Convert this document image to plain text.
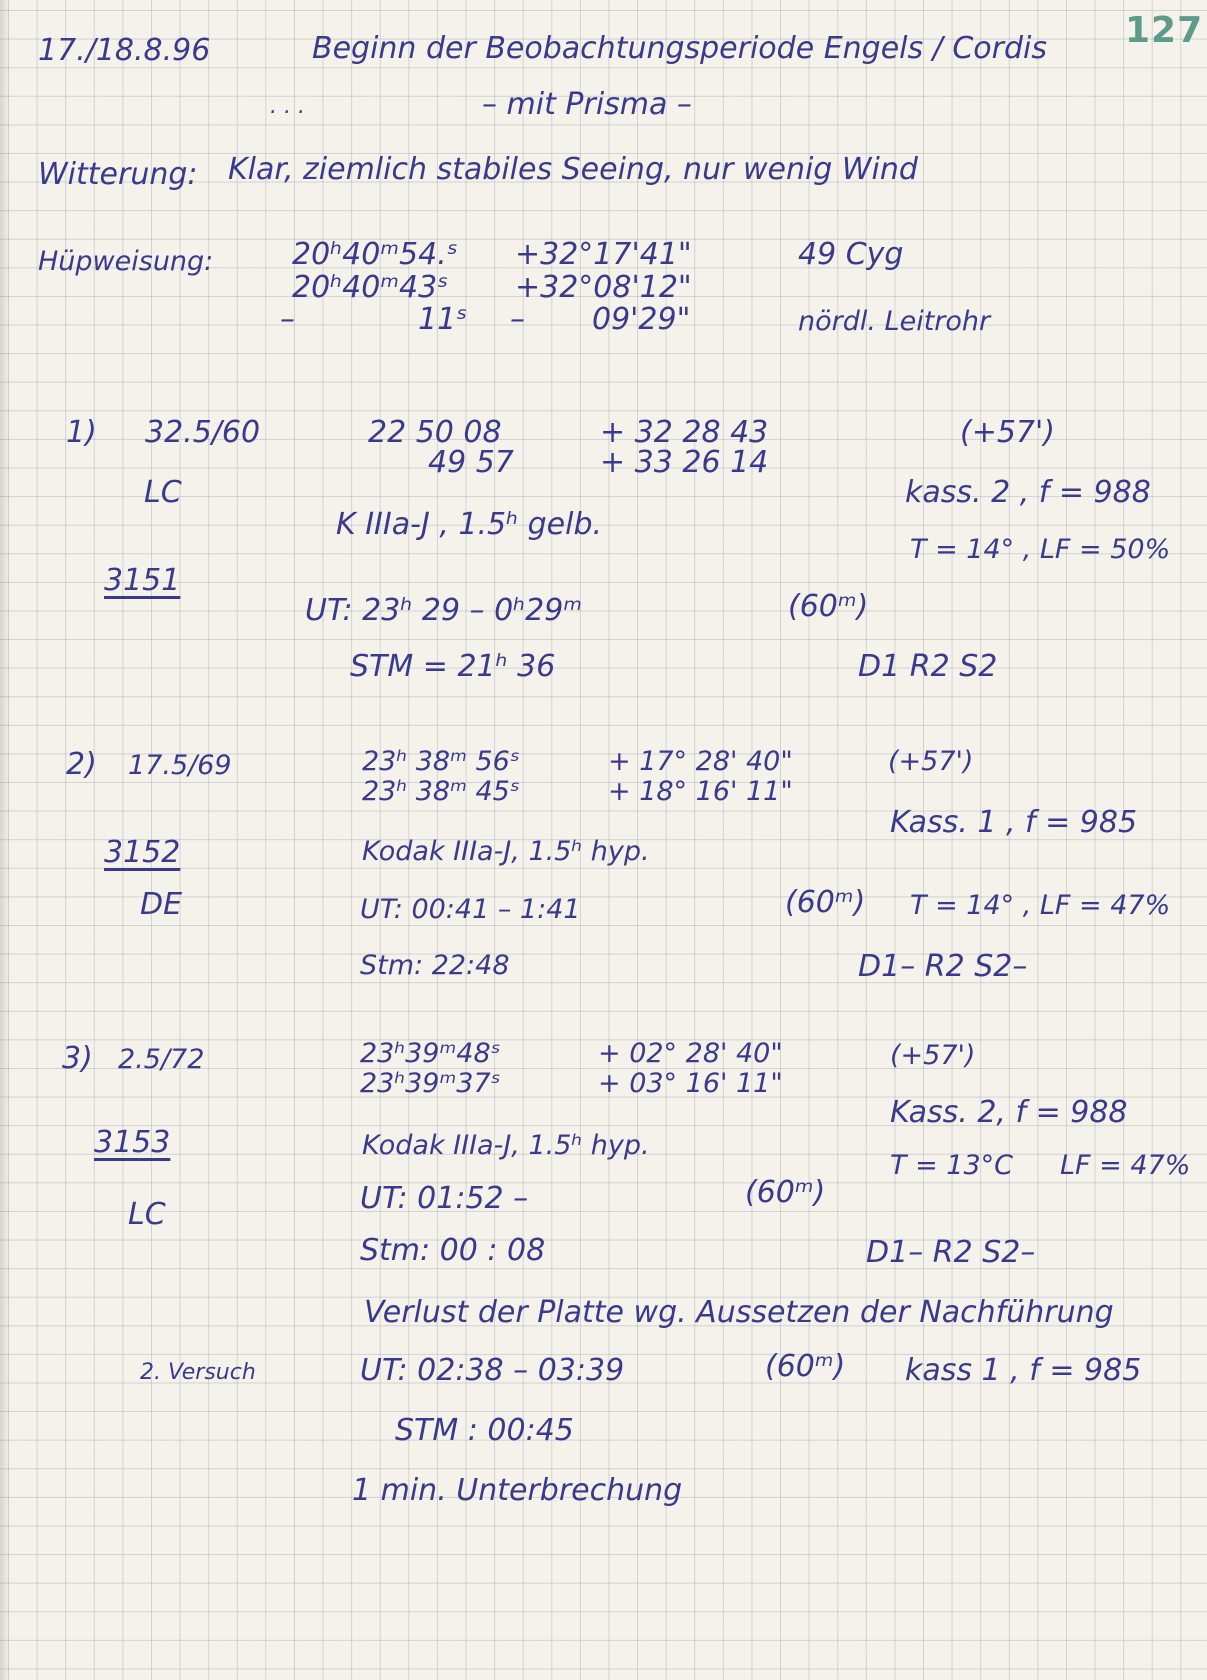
127
17./18.8.96	Beginn der Beobachtungsperiode Engels / Cordis
. . .	– mit Prisma –
Witterung: Klar, ziemlich stabiles Seeing, nur wenig Wind
Hüpweisung:	20ʰ40ᵐ54.ˢ +32°17'41"	49 Cyg
20ʰ40ᵐ43ˢ +32°08'12"
–	11ˢ – 09'29"	nördl. Leitrohr
1) 32.5/60
LC
3151
22 50 08	+ 32 28 43
49 57	+ 33 26 14
(+57')
kass. 2 , f = 988
K IIIa-J , 1.5ʰ gelb.
T = 14° , LF = 50%
UT: 23ʰ 29 – 0ʰ29ᵐ	(60ᵐ)
STM = 21ʰ 36	D1 R2 S2
2) 17.5/69
DE
3152
23ʰ 38ᵐ 56ˢ	+ 17° 28' 40"
23ʰ 38ᵐ 45ˢ	+ 18° 16' 11"
(+57')
Kass. 1 , f = 985
Kodak IIIa-J, 1.5ʰ hyp.
T = 14° , LF = 47%
UT: 00:41 – 1:41	(60ᵐ)
Stm: 22:48	D1– R2 S2–
3) 2.5/72
3153
LC
23ʰ39ᵐ48ˢ	+ 02° 28' 40"
23ʰ39ᵐ37ˢ	+ 03° 16' 11"
(+57')
Kass. 2, f = 988
Kodak IIIa-J, 1.5ʰ hyp.
T = 13°C LF = 47%
UT: 01:52 –	(60ᵐ)
Stm: 00 : 08	D1– R2 S2–
Verlust der Platte wg. Aussetzen der Nachführung
2. Versuch	UT: 02:38 – 03:39	(60ᵐ) kass 1 , f = 985
STM : 00:45
1 min. Unterbrechung
